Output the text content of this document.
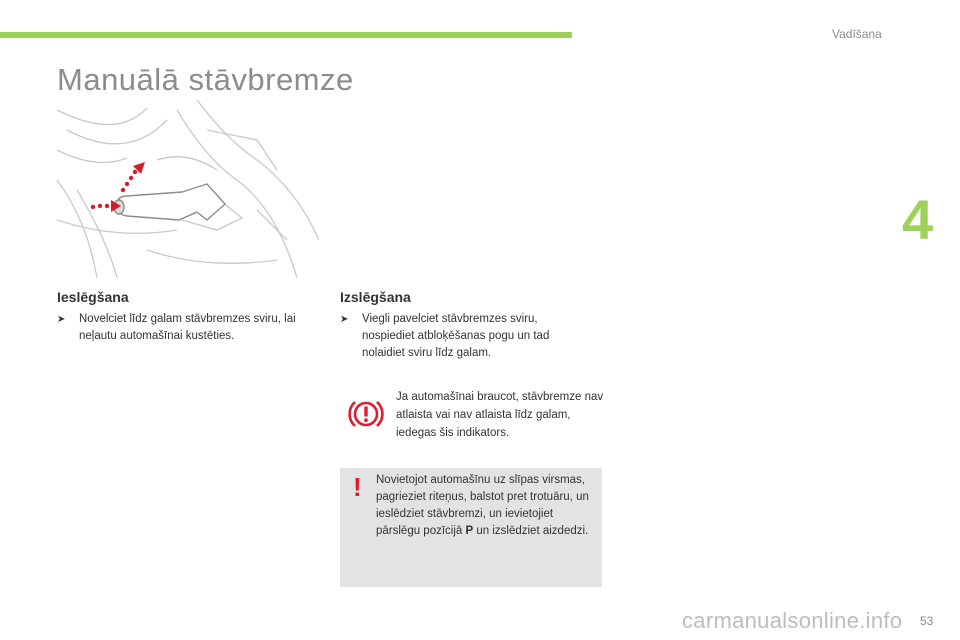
Vadīšana
4
Manuālā stāvbremze
Ieslēgšana
➤	Novelciet līdz galam stāvbremzes sviru, lai neļautu automašīnai kustēties.
Izslēgšana
➤	Viegli pavelciet stāvbremzes sviru, nospiediet atbloķēšanas pogu un tad nolaidiet sviru līdz galam.
Ja automašīnai braucot, stāvbremze nav atlaista vai nav atlaista līdz galam, iedegas šis indikators.
! Novietojot automašīnu uz slīpas virsmas, pagrieziet riteņus, balstot pret trotuāru, un ieslēdziet stāvbremzi, un ievietojiet pārslēgu pozīcijā P un izslēdziet aizdedzi.
carmanualsonline.info 53
